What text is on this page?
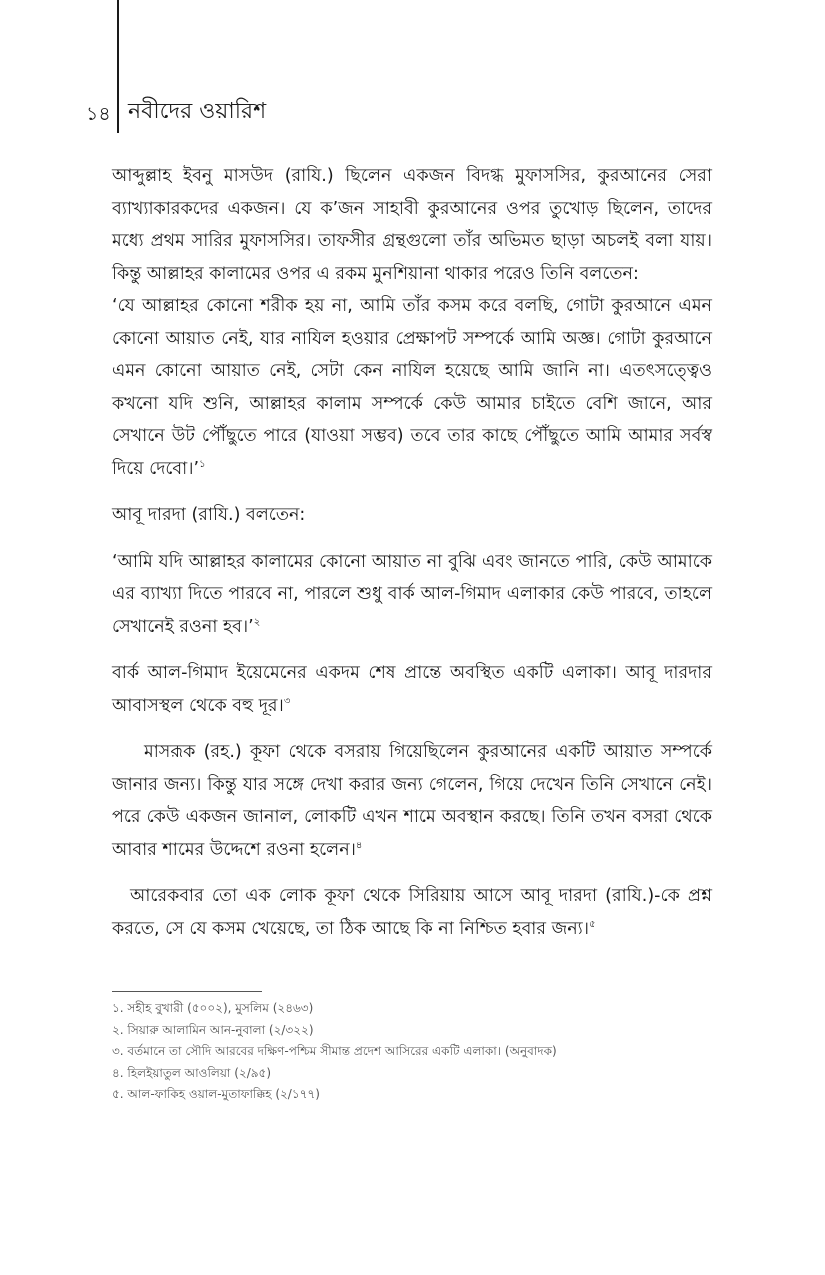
১৪ নবীদের ওয়ারিশ

আব্দুল্লাহ ইবনু মাসউদ (রাযি.) ছিলেন একজন বিদগ্ধ মুফাসসির, কুরআনের সেরা ব্যাখ্যাকারকদের একজন। যে ক’জন সাহাবী কুরআনের ওপর তুখোড় ছিলেন, তাদের মধ্যে প্রথম সারির মুফাসসির। তাফসীর গ্রন্থগুলো তাঁর অভিমত ছাড়া অচলই বলা যায়। কিন্তু আল্লাহর কালামের ওপর এ রকম মুনশিয়ানা থাকার পরেও তিনি বলতেন:

‘যে আল্লাহর কোনো শরীক হয় না, আমি তাঁর কসম করে বলছি, গোটা কুরআনে এমন কোনো আয়াত নেই, যার নাযিল হওয়ার প্রেক্ষাপট সম্পর্কে আমি অজ্ঞ। গোটা কুরআনে এমন কোনো আয়াত নেই, সেটা কেন নাযিল হয়েছে আমি জানি না। এতৎসত্ত্বেও কখনো যদি শুনি, আল্লাহর কালাম সম্পর্কে কেউ আমার চাইতে বেশি জানে, আর সেখানে উট পৌঁছুতে পারে (যাওয়া সম্ভব) তবে তার কাছে পৌঁছুতে আমি আমার সর্বস্ব দিয়ে দেবো।’$^১$

আবূ দারদা (রাযি.) বলতেন:

‘আমি যদি আল্লাহর কালামের কোনো আয়াত না বুঝি এবং জানতে পারি, কেউ আমাকে এর ব্যাখ্যা দিতে পারবে না, পারলে শুধু বার্ক আল-গিমাদ এলাকার কেউ পারবে, তাহলে সেখানেই রওনা হব।’$^২$

বার্ক আল-গিমাদ ইয়েমেনের একদম শেষ প্রান্তে অবস্থিত একটি এলাকা। আবূ দারদার আবাসস্থল থেকে বহু দূর।$^৩$

মাসরূক (রহ.) কূফা থেকে বসরায় গিয়েছিলেন কুরআনের একটি আয়াত সম্পর্কে জানার জন্য। কিন্তু যার সঙ্গে দেখা করার জন্য গেলেন, গিয়ে দেখেন তিনি সেখানে নেই। পরে কেউ একজন জানাল, লোকটি এখন শামে অবস্থান করছে। তিনি তখন বসরা থেকে আবার শামের উদ্দেশে রওনা হলেন।$^৪$

আরেকবার তো এক লোক কূফা থেকে সিরিয়ায় আসে আবূ দারদা (রাযি.)-কে প্রশ্ন করতে, সে যে কসম খেয়েছে, তা ঠিক আছে কি না নিশ্চিত হবার জন্য।$^৫$

১. সহীহ বুখারী (৫০০২), মুসলিম (২৪৬৩)
২. সিয়ারু আলামিন আন-নুবালা (২/৩২২)
৩. বর্তমানে তা সৌদি আরবের দক্ষিণ-পশ্চিম সীমান্ত প্রদেশ আসিরের একটি এলাকা। (অনুবাদক)
৪. হিলইয়াতুল আওলিয়া (২/৯৫)
৫. আল-ফাকিহ ওয়াল-মুতাফাক্কিহ (২/১৭৭)
